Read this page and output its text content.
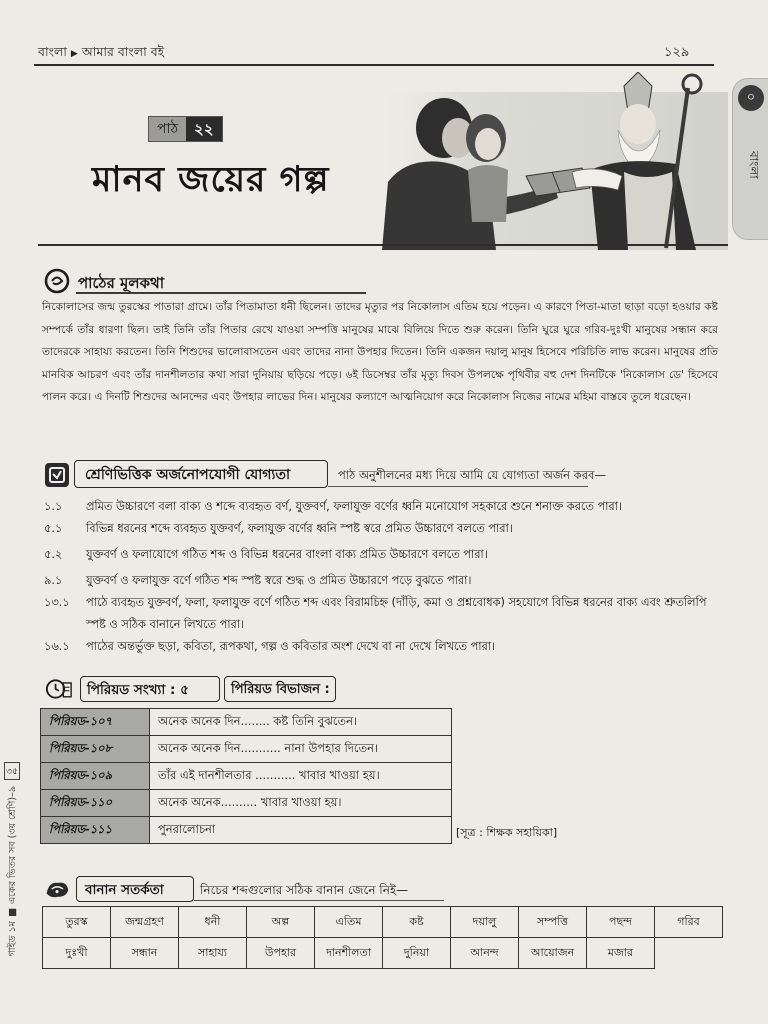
বাংলা ▶ আমার বাংলা বই	১২৯
০
বাংলা
পাঠ	২২
মানব জয়ের গল্প
পাঠের মূলকথা

নিকোলাসের জন্ম তুরস্কের পাতারা গ্রামে। তাঁর পিতামাতা ধনী ছিলেন। তাদের মৃত্যুর পর নিকোলাস এতিম হয়ে পড়েন। এ কারণে পিতা-মাতা ছাড়া বড়ো হওয়ার কষ্ট সম্পর্কে তাঁর ধারণা ছিল। তাই তিনি তাঁর পিতার রেখে যাওয়া সম্পত্তি মানুষের মাঝে বিলিয়ে দিতে শুরু করেন। তিনি ঘুরে ঘুরে গরিব-দুঃখী মানুষের সন্ধান করে তাদেরকে সাহায্য করতেন। তিনি শিশুদের ভালোবাসতেন এবং তাদের নানা উপহার দিতেন। তিনি একজন দয়ালু মানুষ হিসেবে পরিচিতি লাভ করেন। মানুষের প্রতি মানবিক আচরণ এবং তাঁর দানশীলতার কথা সারা দুনিয়ায় ছড়িয়ে পড়ে। ৬ই ডিসেম্বর তাঁর মৃত্যু দিবস উপলক্ষে পৃথিবীর বহু দেশ দিনটিকে 'নিকোলাস ডে' হিসেবে পালন করে। এ দিনটি শিশুদের আনন্দের এবং উপহার লাভের দিন। মানুষের কল্যাণে আত্মনিয়োগ করে নিকোলাস নিজের নামের মহিমা বাস্তবে তুলে ধরেছেন।

শ্রেণিভিত্তিক অর্জনোপযোগী যোগ্যতা	পাঠ অনুশীলনের মধ্য দিয়ে আমি যে যোগ্যতা অর্জন করব—
১.১	প্রমিত উচ্চারণে বলা বাক্য ও শব্দে ব্যবহৃত বর্ণ, যুক্তবর্ণ, ফলাযুক্ত বর্ণের ধ্বনি মনোযোগ সহকারে শুনে শনাক্ত করতে পারা।
৫.১	বিভিন্ন ধরনের শব্দে ব্যবহৃত যুক্তবর্ণ, ফলাযুক্ত বর্ণের ধ্বনি স্পষ্ট স্বরে প্রমিত উচ্চারণে বলতে পারা।
৫.২	যুক্তবর্ণ ও ফলাযোগে গঠিত শব্দ ও বিভিন্ন ধরনের বাংলা বাক্য প্রমিত উচ্চারণে বলতে পারা।
৯.১	যুক্তবর্ণ ও ফলাযুক্ত বর্ণে গঠিত শব্দ স্পষ্ট স্বরে শুদ্ধ ও প্রমিত উচ্চারণে পড়ে বুঝতে পারা।
১৩.১	পাঠে ব্যবহৃত যুক্তবর্ণ, ফলা, ফলাযুক্ত বর্ণে গঠিত শব্দ এবং বিরামচিহ্ন (দাঁড়ি, কমা ও প্রশ্নবোধক) সহযোগে বিভিন্ন ধরনের বাক্য এবং শ্রুতলিপি স্পষ্ট ও সঠিক বানানে লিখতে পারা।
১৬.১	পাঠের অন্তর্ভুক্ত ছড়া, কবিতা, রূপকথা, গল্প ও কবিতার অংশ দেখে বা না দেখে লিখতে পারা।
পিরিয়ড সংখ্যা : ৫	পিরিয়ড বিভাজন :
পিরিয়ড-১০৭	অনেক অনেক দিন........ কষ্ট তিনি বুঝতেন।
পিরিয়ড-১০৮	অনেক অনেক দিন........... নানা উপহার দিতেন।
পিরিয়ড-১০৯	তাঁর এই দানশীলতার ........... খাবার খাওয়া হয়।
পিরিয়ড-১১০	অনেক অনেক.......... খাবার খাওয়া হয়।
পিরিয়ড-১১১	পুনরালোচনা	[সূত্র : শিক্ষক সহায়িকা]
বানান সতর্কতা	নিচের শব্দগুলোর সঠিক বানান জেনে নিই—
তুরস্ক	জন্মগ্রহণ	ধনী	অল্প	এতিম	কষ্ট	দয়ালু	সম্পত্তি	পছন্দ	গরিব
দুঃখী	সন্ধান	সাহায্য	উপহার	দানশীলতা	দুনিয়া	আনন্দ	আয়োজন	মজার	
৩৫
গাইড ১ম ■ একের ভিতর সব (৩য় শ্রেণি)–৯
